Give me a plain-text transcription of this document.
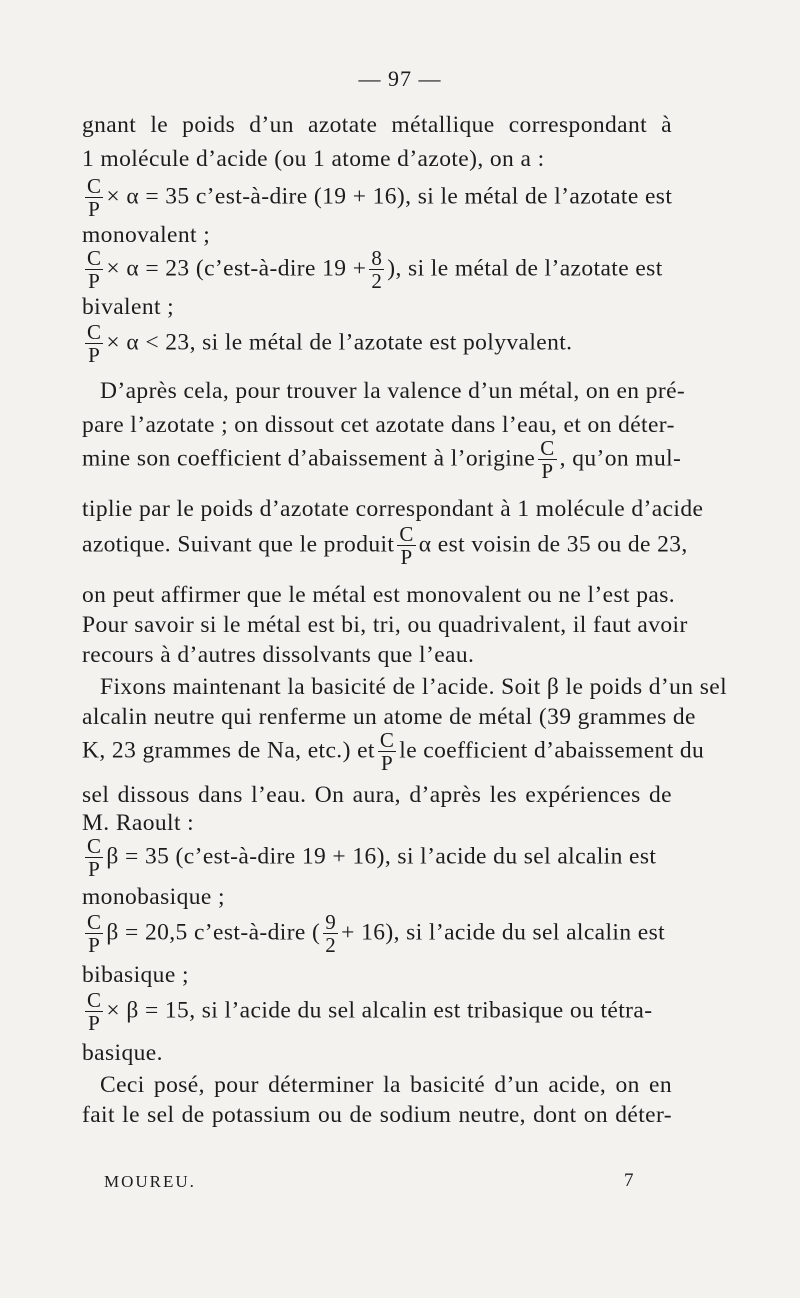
— 97 —
gnant le poids d’un azotate métallique correspondant à
1 molécule d’acide (ou 1 atome d’azote), on a :
$\frac{C}{P} \times \alpha = 35$ c’est-à-dire (19 + 16), si le métal de l’azotate est
monovalent ;
$\frac{C}{P} \times \alpha = 23$ (c’est-à-dire $19 + \frac{8}{2}$ ), si le métal de l’azotate est
bivalent ;
$\frac{C}{P} \times \alpha < 23$, si le métal de l’azotate est polyvalent.
D’après cela, pour trouver la valence d’un métal, on en pré-
pare l’azotate ; on dissout cet azotate dans l’eau, et on déter-
mine son coefficient d’abaissement à l’origine $\frac{C}{P}$ , qu’on mul-
tiplie par le poids d’azotate correspondant à 1 molécule d’acide
azotique. Suivant que le produit $\frac{C}{P}$ α est voisin de 35 ou de 23,
on peut affirmer que le métal est monovalent ou ne l’est pas.
Pour savoir si le métal est bi, tri, ou quadrivalent, il faut avoir
recours à d’autres dissolvants que l’eau.
Fixons maintenant la basicité de l’acide. Soit β le poids d’un sel
alcalin neutre qui renferme un atome de métal (39 grammes de
K, 23 grammes de Na, etc.) et $\frac{C}{P}$ le coefficient d’abaissement du
sel dissous dans l’eau. On aura, d’après les expériences de
M. Raoult :
$\frac{C}{P}$ β = 35 (c’est-à-dire 19 + 16), si l’acide du sel alcalin est
monobasique ;
$\frac{C}{P}$ β = 20,5 c’est-à-dire ( $\frac{9}{2} + 16$), si l’acide du sel alcalin est
bibasique ;
$\frac{C}{P} \times \beta = 15$, si l’acide du sel alcalin est tribasique ou tétra-
basique.
Ceci posé, pour déterminer la basicité d’un acide, on en
fait le sel de potassium ou de sodium neutre, dont on déter-
MOUREU.	7
